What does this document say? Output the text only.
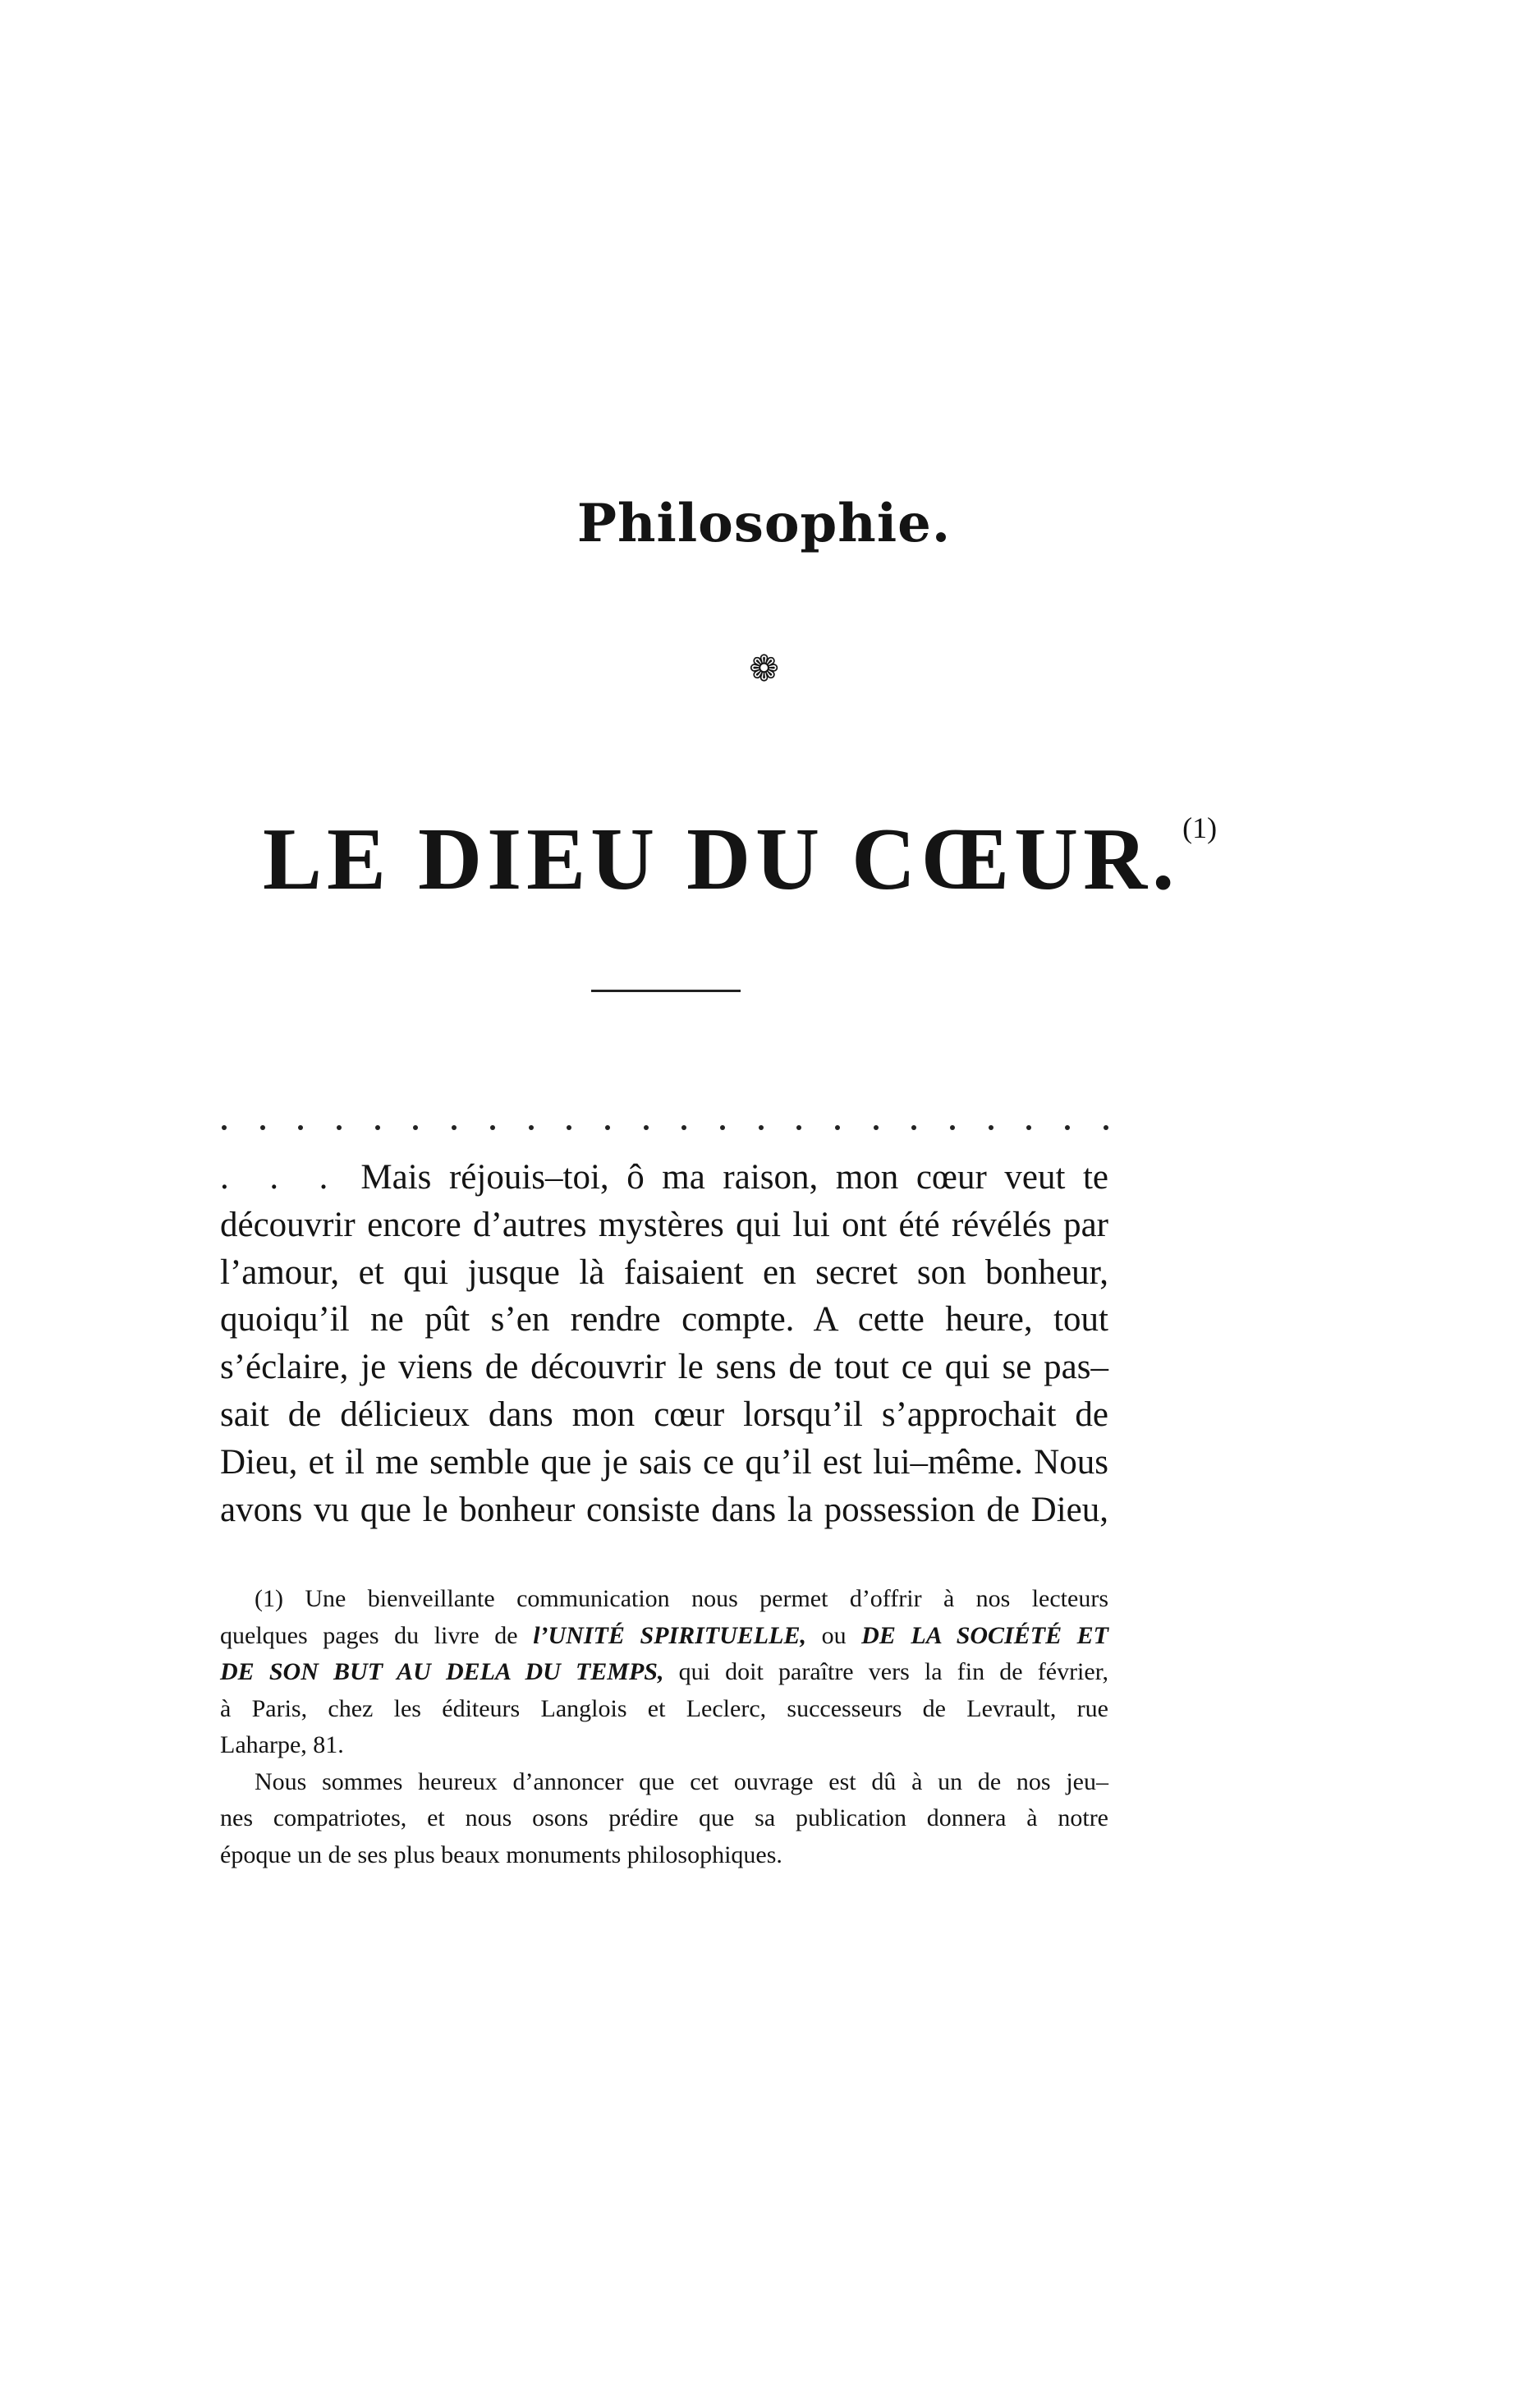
Philosophie.
❁
LE DIEU DU CŒUR. $^{(1)}$
. . . Mais réjouis–toi, ô ma raison, mon cœur veut te
découvrir encore d’autres mystères qui lui ont été révélés par
l’amour, et qui jusque là faisaient en secret son bonheur,
quoiqu’il ne pût s’en rendre compte. A cette heure, tout
s’éclaire, je viens de découvrir le sens de tout ce qui se pas–
sait de délicieux dans mon cœur lorsqu’il s’approchait de
Dieu, et il me semble que je sais ce qu’il est lui–même. Nous
avons vu que le bonheur consiste dans la possession de Dieu,
(1) Une bienveillante communication nous permet d’offrir à nos lecteurs
quelques pages du livre de l’UNITÉ SPIRITUELLE, ou DE LA SOCIÉTÉ ET
DE SON BUT AU DELA DU TEMPS, qui doit paraître vers la fin de février,
à Paris, chez les éditeurs Langlois et Leclerc, successeurs de Levrault, rue
Laharpe, 81.
Nous sommes heureux d’annoncer que cet ouvrage est dû à un de nos jeu–
nes compatriotes, et nous osons prédire que sa publication donnera à notre
époque un de ses plus beaux monuments philosophiques.
